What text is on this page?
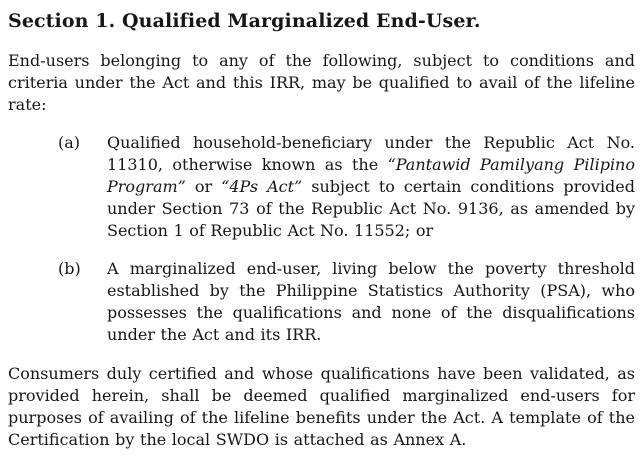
Section 1. Qualified Marginalized End-User.

End-users belonging to any of the following, subject to conditions and criteria under the Act and this IRR, may be qualified to avail of the lifeline rate:

(a)	Qualified household-beneficiary under the Republic Act No. 11310, otherwise known as the “Pantawid Pamilyang Pilipino Program” or “4Ps Act” subject to certain conditions provided under Section 73 of the Republic Act No. 9136, as amended by Section 1 of Republic Act No. 11552; or

(b)	A marginalized end-user, living below the poverty threshold established by the Philippine Statistics Authority (PSA), who possesses the qualifications and none of the disqualifications under the Act and its IRR.

Consumers duly certified and whose qualifications have been validated, as provided herein, shall be deemed qualified marginalized end-users for purposes of availing of the lifeline benefits under the Act. A template of the Certification by the local SWDO is attached as Annex A.
